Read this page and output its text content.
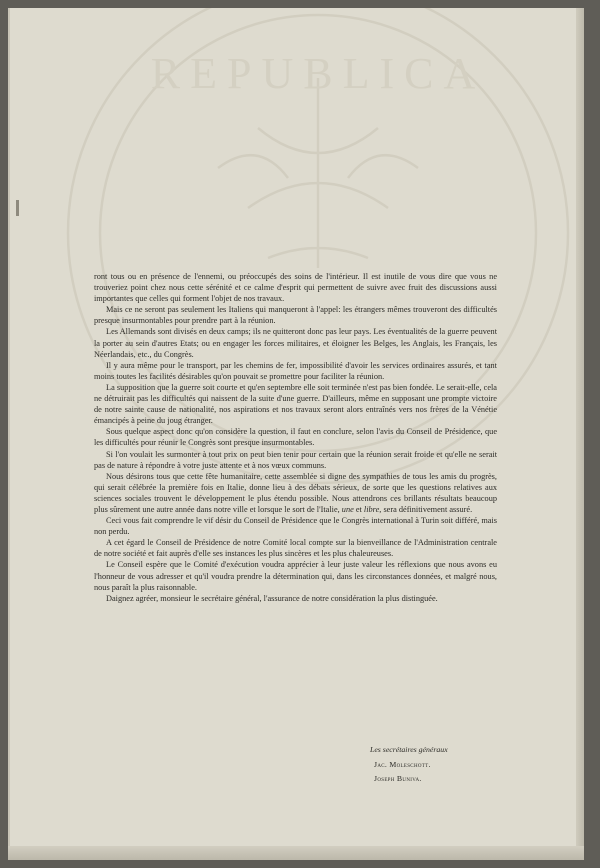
REPUBLICA

ront tous ou en présence de l'ennemi, ou préoccupés des soins de l'intérieur. Il est inutile de vous dire que vous ne trouveriez point chez nous cette sérénité et ce calme d'esprit qui permettent de suivre avec fruit des discussions aussi importantes que celles qui forment l'objet de nos travaux.

Mais ce ne seront pas seulement les Italiens qui manqueront à l'appel: les étrangers mêmes trouveront des difficultés presque insurmontables pour prendre part à la réunion.

Les Allemands sont divisés en deux camps; ils ne quitteront donc pas leur pays. Les éventualités de la guerre peuvent la porter au sein d'autres Etats; ou en engager les forces militaires, et éloigner les Belges, les Anglais, les Français, les Néerlandais, etc., du Congrès.

Il y aura même pour le transport, par les chemins de fer, impossibilité d'avoir les services ordinaires assurés, et tant moins toutes les facilités désirables qu'on pouvait se promettre pour faciliter la réunion.

La supposition que la guerre soit courte et qu'en septembre elle soit terminée n'est pas bien fondée. Le serait-elle, cela ne détruirait pas les difficultés qui naissent de la suite d'une guerre. D'ailleurs, même en supposant une prompte victoire de notre sainte cause de nationalité, nos aspirations et nos travaux seront alors entraînés vers nos frères de la Vénétie émancipés à peine du joug étranger.

Sous quelque aspect donc qu'on considère la question, il faut en conclure, selon l'avis du Conseil de Présidence, que les difficultés pour réunir le Congrès sont presque insurmontables.

Si l'on voulait les surmonter à tout prix on peut bien tenir pour certain que la réunion serait froide et qu'elle ne serait pas de nature à répondre à votre juste attente et à nos vœux communs.

Nous désirons tous que cette fête humanitaire, cette assemblée si digne des sympathies de tous les amis du progrès, qui serait célébrée la première fois en Italie, donne lieu à des débats sérieux, de sorte que les questions relatives aux sciences sociales trouvent le développement le plus étendu possible. Nous attendrons ces brillants résultats beaucoup plus sûrement une autre année dans notre ville et lorsque le sort de l'Italie, une et libre, sera définitivement assuré.

Ceci vous fait comprendre le vif désir du Conseil de Présidence que le Congrès international à Turin soit différé, mais non perdu.

A cet égard le Conseil de Présidence de notre Comité local compte sur la bienveillance de l'Administration centrale de notre société et fait auprès d'elle ses instances les plus sincères et les plus chaleureuses.

Le Conseil espère que le Comité d'exécution voudra apprécier à leur juste valeur les réflexions que nous avons eu l'honneur de vous adresser et qu'il voudra prendre la détermination qui, dans les circonstances données, et malgré nous, nous paraît la plus raisonnable.

Daignez agréer, monsieur le secrétaire général, l'assurance de notre considération la plus distinguée.

Les secrétaires généraux
Jac. Moleschott.
Joseph Buniva.
